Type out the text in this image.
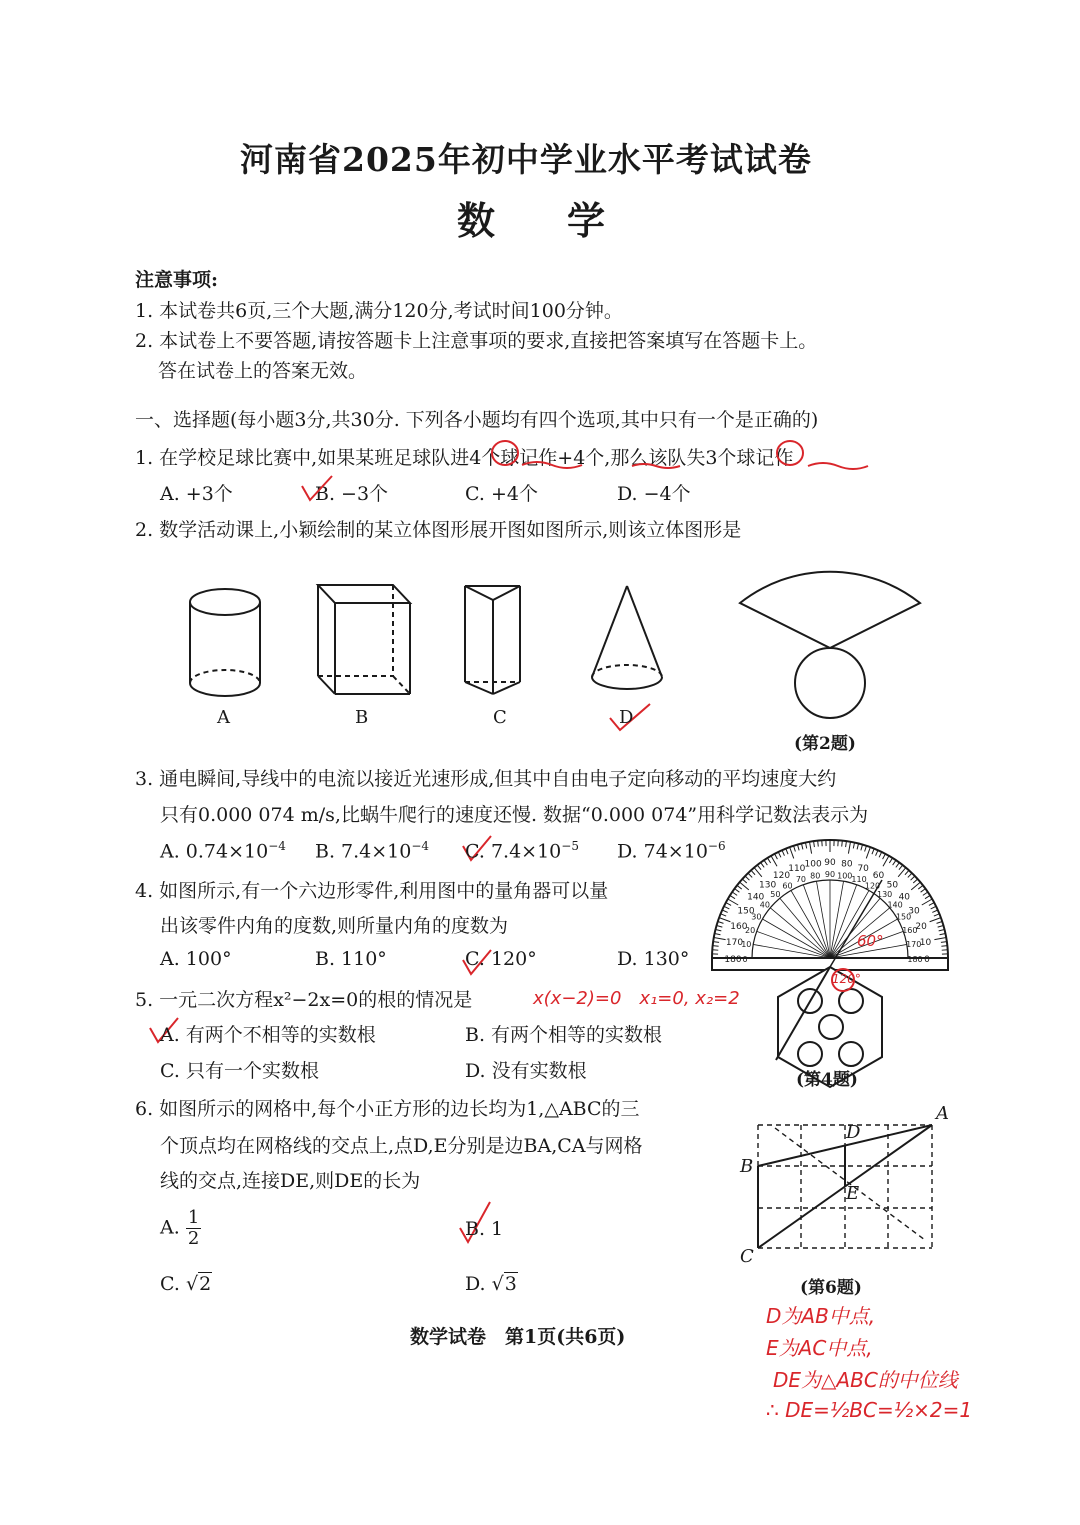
河南省2025年初中学业水平考试试卷
数学
注意事项:
1. 本试卷共6页,三个大题,满分120分,考试时间100分钟。
2. 本试卷上不要答题,请按答题卡上注意事项的要求,直接把答案填写在答题卡上。
答在试卷上的答案无效。
一、选择题(每小题3分,共30分. 下列各小题均有四个选项,其中只有一个是正确的)
1. 在学校足球比赛中,如果某班足球队进4个球记作+4个,那么该队失3个球记作
A. +3个	B. −3个	C. +4个	D. −4个
2. 数学活动课上,小颖绘制的某立体图形展开图如图所示,则该立体图形是
0
180
10
170
20
160
30
150
40
140
50
130
60
120
70
110
80
100
90
90
100
80
110
70
120
60
130
50
140
40
150
30
160
20
170
10
180 0
A	B	C	D
(第2题)
3. 通电瞬间,导线中的电流以接近光速形成,但其中自由电子定向移动的平均速度大约
只有0.000 074 m/s,比蜗牛爬行的速度还慢. 数据“0.000 074”用科学记数法表示为
A. $0.74\times 10^{-4}$ B. $7.4\times 10^{-4}$ C. $7.4\times 10^{-5}$ D. $74\times 10^{-6}$
4. 如图所示,有一个六边形零件,利用图中的量角器可以量
出该零件内角的度数,则所量内角的度数为
A. 100°	B. 110°	C. 120°	D. 130°
(第4题)
5. 一元二次方程x²−2x=0的根的情况是
A. 有两个不相等的实数根	B. 有两个相等的实数根
C. 只有一个实数根	D. 没有实数根
6. 如图所示的网格中,每个小正方形的边长均为1,△ABC的三
个顶点均在网格线的交点上,点D,E分别是边BA,CA与网格
线的交点,连接DE,则DE的长为
A. $\frac{1}{2}$	B. 1
C. √2	D. √3
A
B
C
D
E
(第6题)
数学试卷　第1页(共6页)
60°
120°
x(x−2)=0　x₁=0, x₂=2
D为AB中点,
E为AC中点,
DE为△ABC的中位线
∴ DE=½BC=½×2=1
